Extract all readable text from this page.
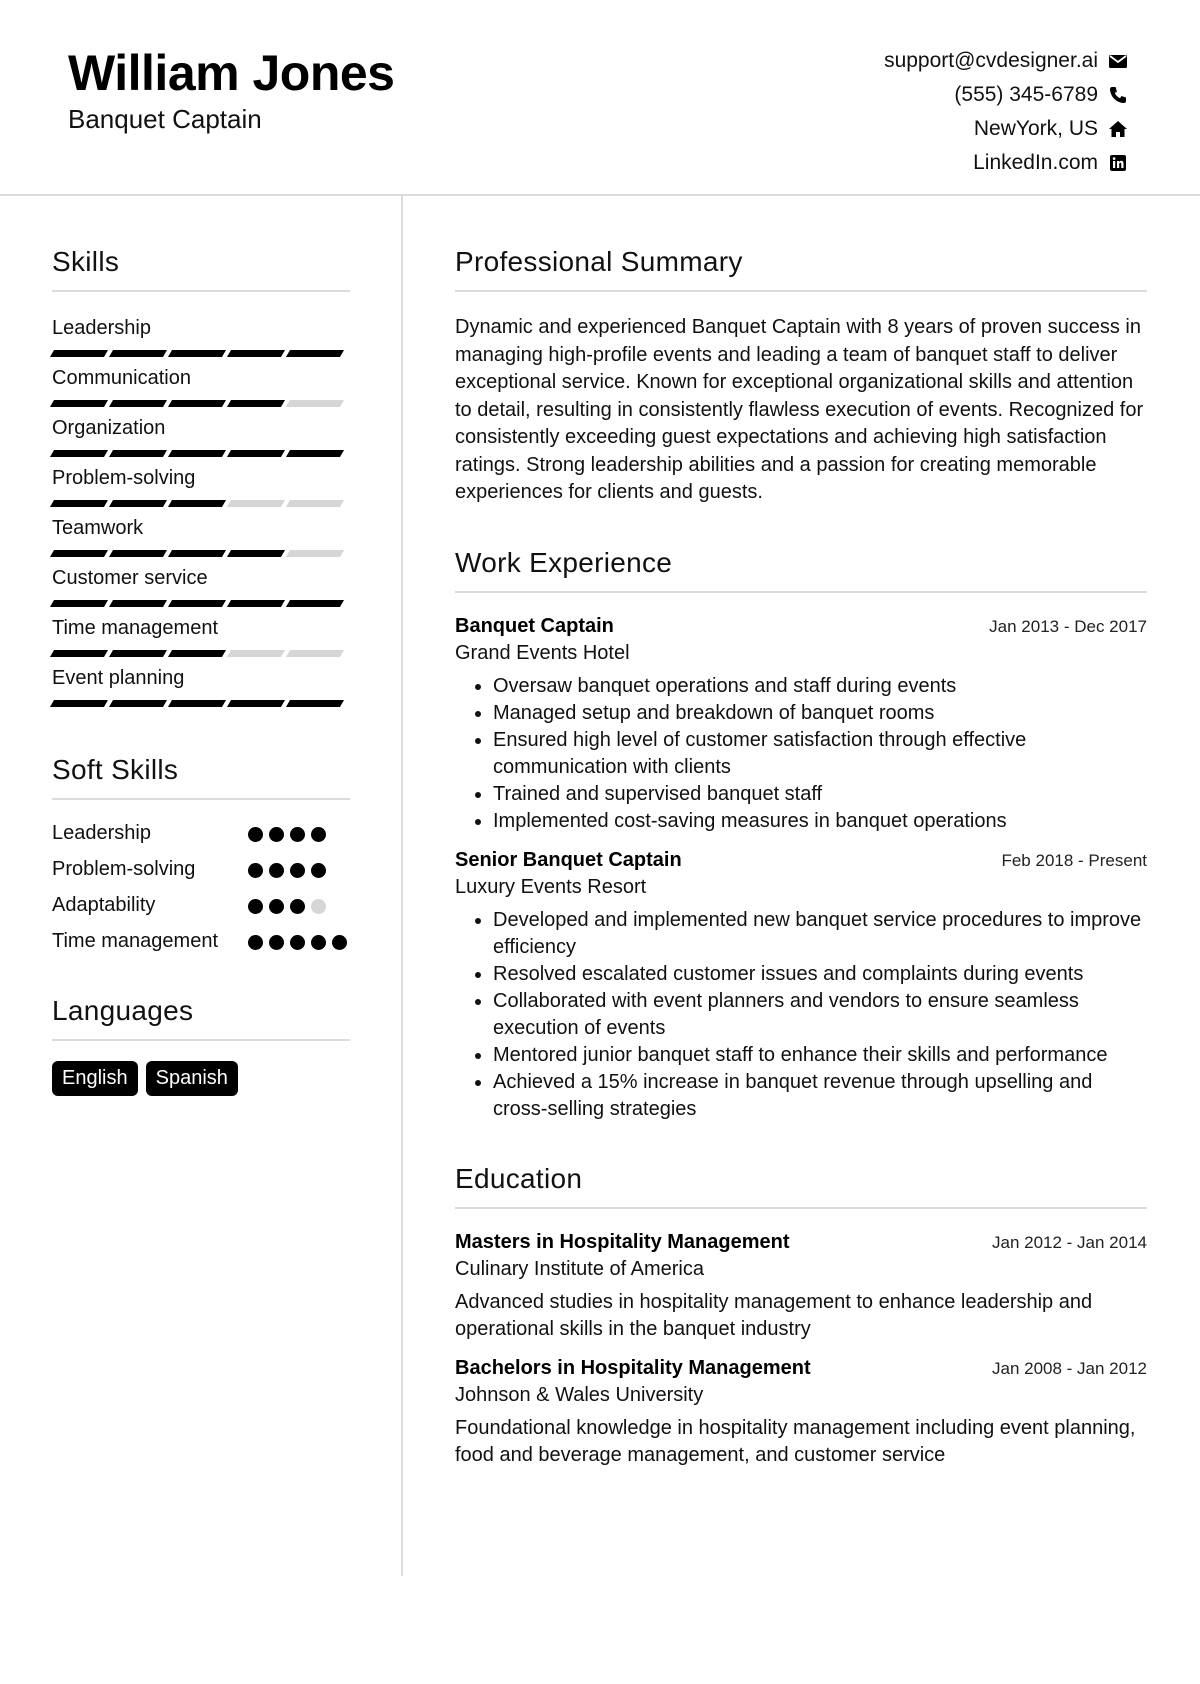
William Jones
Banquet Captain
support@cvdesigner.ai
(555) 345-6789
NewYork, US
LinkedIn.com
Skills
Leadership
Communication
Organization
Problem-solving
Teamwork
Customer service
Time management
Event planning
Soft Skills
Leadership
Problem-solving
Adaptability
Time management
Languages
English	Spanish
Professional Summary
Dynamic and experienced Banquet Captain with 8 years of proven success in managing high-profile events and leading a team of banquet staff to deliver exceptional service. Known for exceptional organizational skills and attention to detail, resulting in consistently flawless execution of events. Recognized for consistently exceeding guest expectations and achieving high satisfaction ratings. Strong leadership abilities and a passion for creating memorable experiences for clients and guests.
Work Experience
Banquet Captain	Jan 2013 - Dec 2017
Grand Events Hotel
• Oversaw banquet operations and staff during events
• Managed setup and breakdown of banquet rooms
• Ensured high level of customer satisfaction through effective communication with clients
• Trained and supervised banquet staff
• Implemented cost-saving measures in banquet operations
Senior Banquet Captain	Feb 2018 - Present
Luxury Events Resort
• Developed and implemented new banquet service procedures to improve efficiency
• Resolved escalated customer issues and complaints during events
• Collaborated with event planners and vendors to ensure seamless execution of events
• Mentored junior banquet staff to enhance their skills and performance
• Achieved a 15% increase in banquet revenue through upselling and cross-selling strategies
Education
Masters in Hospitality Management	Jan 2012 - Jan 2014
Culinary Institute of America
Advanced studies in hospitality management to enhance leadership and operational skills in the banquet industry
Bachelors in Hospitality Management	Jan 2008 - Jan 2012
Johnson & Wales University
Foundational knowledge in hospitality management including event planning, food and beverage management, and customer service
